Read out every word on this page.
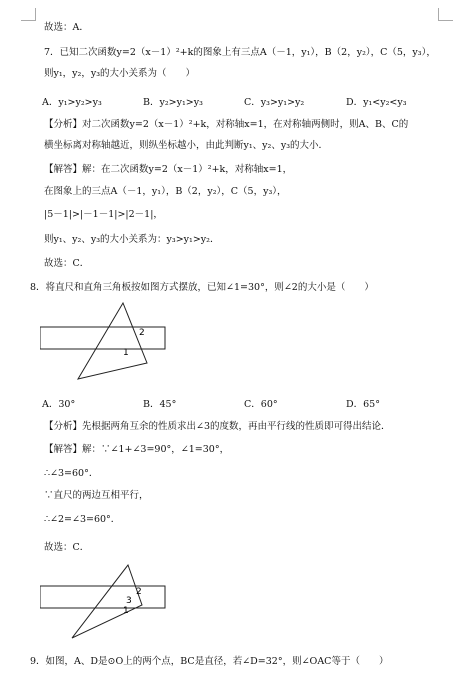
故选：A．
7．已知二次函数y=2（x－1）²+k的图象上有三点A（－1，y₁），B（2，y₂），C（5，y₃），
则y₁，y₂，y₃的大小关系为（　　）
A．y₁>y₂>y₃	B．y₂>y₁>y₃	C．y₃>y₁>y₂	D．y₁<y₂<y₃
【分析】对二次函数y=2（x－1）²+k，对称轴x=1，在对称轴两侧时，则A、B、C的
横坐标离对称轴越近，则纵坐标越小，由此判断y₁、y₂、y₃的大小．
【解答】解：在二次函数y=2（x－1）²+k，对称轴x=1，
在图象上的三点A（－1，y₁），B（2，y₂），C（5，y₃），
|5－1|>|－1－1|>|2－1|，
则y₁、y₂、y₃的大小关系为：y₃>y₁>y₂．
故选：C．
8．将直尺和直角三角板按如图方式摆放，已知∠1=30°，则∠2的大小是（　　）
2
1
A．30°	B．45°	C．60°	D．65°
【分析】先根据两角互余的性质求出∠3的度数，再由平行线的性质即可得出结论．
【解答】解：∵∠1+∠3=90°，∠1=30°，
∴∠3=60°．
∵直尺的两边互相平行，
∴∠2=∠3=60°．
故选：C．
2
3
1
9．如图，A、D是⊙O上的两个点，BC是直径，若∠D=32°，则∠OAC等于（　　）
